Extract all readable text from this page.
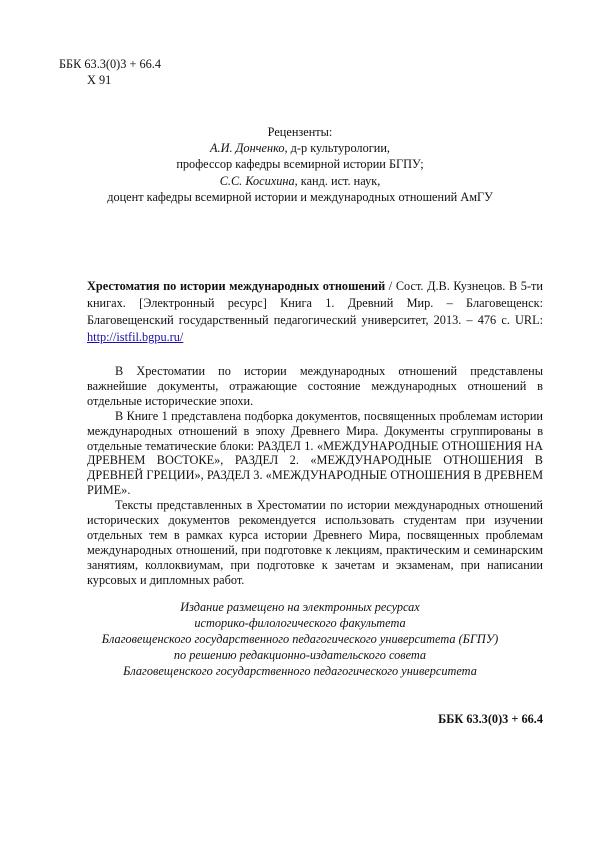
ББК 63.3(0)3 + 66.4
Х 91
Рецензенты:
А.И. Донченко, д-р культурологии,
профессор кафедры всемирной истории БГПУ;
С.С. Косихина, канд. ист. наук,
доцент кафедры всемирной истории и международных отношений АмГУ
Хрестоматия по истории международных отношений / Сост. Д.В. Кузнецов. В 5-ти книгах. [Электронный ресурс] Книга 1. Древний Мир. – Благовещенск: Благовещенский государственный педагогический университет, 2013. – 476 с. URL: http://istfil.bgpu.ru/

В Хрестоматии по истории международных отношений представлены важнейшие документы, отражающие состояние международных отношений в отдельные исторические эпохи.

В Книге 1 представлена подборка документов, посвященных проблемам истории международных отношений в эпоху Древнего Мира. Документы сгруппированы в отдельные тематические блоки: РАЗДЕЛ 1. «МЕЖДУНАРОДНЫЕ ОТНОШЕНИЯ НА ДРЕВНЕМ ВОСТОКЕ», РАЗДЕЛ 2. «МЕЖДУНАРОДНЫЕ ОТНОШЕНИЯ В ДРЕВНЕЙ ГРЕЦИИ», РАЗДЕЛ 3. «МЕЖДУНАРОДНЫЕ ОТНОШЕНИЯ В ДРЕВНЕМ РИМЕ».

Тексты представленных в Хрестоматии по истории международных отношений исторических документов рекомендуется использовать студентам при изучении отдельных тем в рамках курса истории Древнего Мира, посвященных проблемам международных отношений, при подготовке к лекциям, практическим и семинарским занятиям, коллоквиумам, при подготовке к зачетам и экзаменам, при написании курсовых и дипломных работ.

Издание размещено на электронных ресурсах
историко-филологического факультета
Благовещенского государственного педагогического университета (БГПУ)
по решению редакционно-издательского совета
Благовещенского государственного педагогического университета
ББК 63.3(0)3 + 66.4
